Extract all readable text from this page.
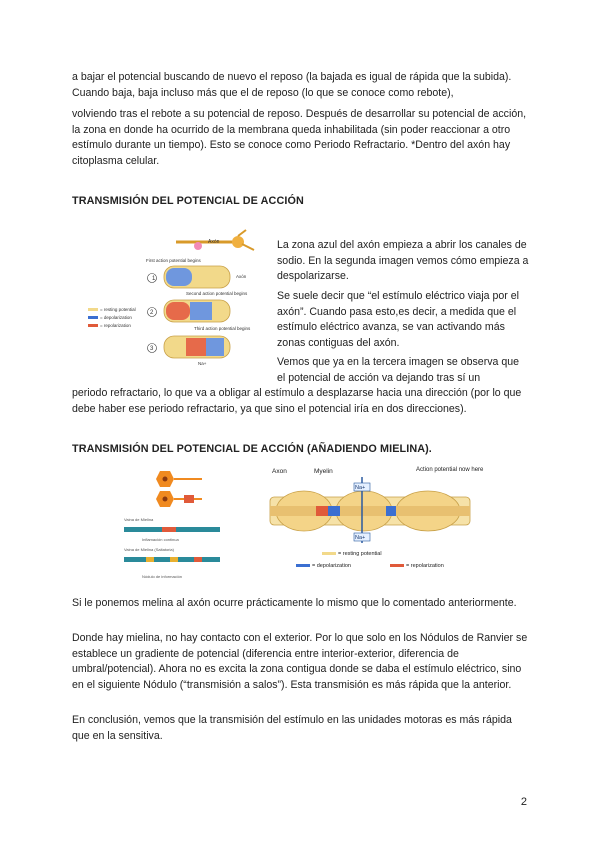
a bajar el potencial buscando de nuevo el reposo (la bajada es igual de rápida que la subida). Cuando baja, baja incluso más que el de reposo (lo que se conoce como rebote),

volviendo tras el rebote a su potencial de reposo. Después de desarrollar su potencial de acción, la zona en donde ha ocurrido de la membrana queda inhabilitada (sin poder reaccionar a otro estímulo durante un tiempo). Esto se conoce como Periodo Refractario. *Dentro del axón hay citoplasma celular.

TRANSMISIÓN DEL POTENCIAL DE ACCIÓN
Axón
First action potential begins
Axón
1
Second action potential begins
2
Third action potential begins
3
Na+
= resting potential
= depolarization
= repolarization

La zona azul del axón empieza a abrir los canales de sodio. En la segunda imagen vemos cómo empieza a despolarizarse.

Se suele decir que “el estímulo eléctrico viaja por el axón”. Cuando pasa esto,es decir, a medida que el estímulo eléctrico avanza, se van activando más zonas contiguas del axón.

Vemos que ya en la tercera imagen se observa que el potencial de acción va dejando tras sí un

periodo refractario, lo que va a obligar al estímulo a desplazarse hacia una dirección (por lo que debe haber ese periodo refractario, ya que sino el potencial iría en dos direcciones).

TRANSMISIÓN DEL POTENCIAL DE ACCIÓN (AÑADIENDO MIELINA).
Vaina de Mielina
Inflamación continua
Vaina de Mielina (Saltatoria)
Nódulo de información
Axon	Myelin	Action potential now here
Na+
Na+
= resting potential
= depolarization	= repolarization

Si le ponemos melina al axón ocurre prácticamente lo mismo que lo comentado anteriormente.

Donde hay mielina, no hay contacto con el exterior. Por lo que solo en los Nódulos de Ranvier se establece un gradiente de potencial (diferencia entre interior-exterior, diferencia de umbral/potencial). Ahora no es excita la zona contigua donde se daba el estímulo eléctrico, sino en el siguiente Nódulo (“transmisión a salos”). Esta transmisión es más rápida que la anterior.

En conclusión, vemos que la transmisión del estímulo en las unidades motoras es más rápida que en la sensitiva.

2
